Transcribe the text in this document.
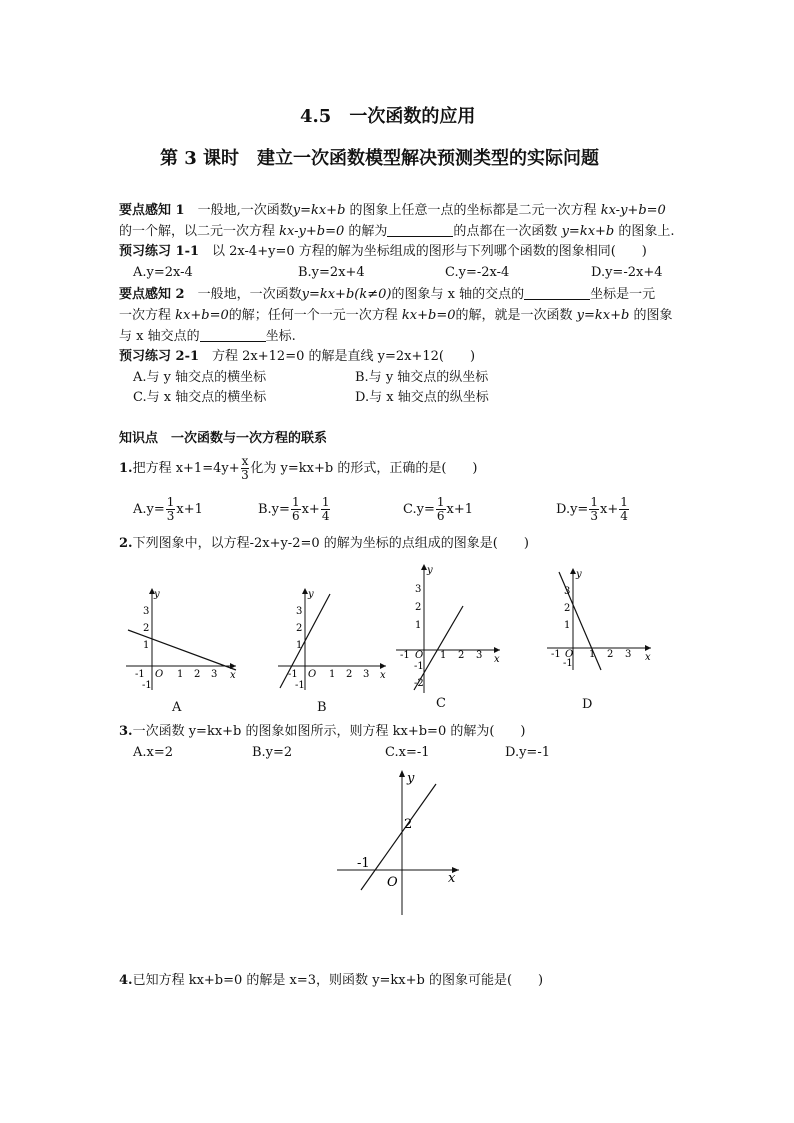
4.5　一次函数的应用
第 3 课时　建立一次函数模型解决预测类型的实际问题
要点感知 1　 一般地,一次函数y=kx+b 的图象上任意一点的坐标都是二元一次方程 kx-y+b=0
的一个解，以二元一次方程 kx-y+b=0 的解为	的点都在一次函数 y=kx+b 的图象上.
预习练习 1-1　 以 2x-4+y=0 方程的解为坐标组成的图形与下列哪个函数的图象相同(　　)
A.y=2x-4	B.y=2x+4	C.y=-2x-4	D.y=-2x+4
要点感知 2　 一般地，一次函数y=kx+b(k≠0)的图象与 x 轴的交点的	坐标是一元
一次方程 kx+b=0的解；任何一个一元一次方程 kx+b=0的解，就是一次函数 y=kx+b 的图象
与 x 轴交点的	坐标.
预习练习 2-1　 方程 2x+12=0 的解是直线 y=2x+12(　　)
A.与 y 轴交点的横坐标	B.与 y 轴交点的纵坐标
C.与 x 轴交点的横坐标	D.与 x 轴交点的纵坐标
知识点　一次函数与一次方程的联系
1.把方程 $x+1=4y+ \frac{x}{3}$ 化为 y=kx+b 的形式，正确的是(　　)
$A.y= \frac{1}{3} x+1$	$B.y= \frac{1}{6} x+ \frac{1}{4}$	$C.y= \frac{1}{6} x+1$	$D.y= \frac{1}{3} x+ \frac{1}{4}$
2.下列图象中，以方程-2x+y-2=0 的解为坐标的点组成的图象是(　　)
y
x
O
-1	1 2 3
3
2
1
-1
A
y
x
O
-1	1 2 3
3
2
1
-1
B
y
x
O
-1	1 2 3
3
2
1
-1
-2
C
y
x
O
-1	1 2 3
3
2
1
-1
D
3.一次函数 y=kx+b 的图象如图所示，则方程 kx+b=0 的解为(　　)
A.x=2	B.y=2	C.x=-1	D.y=-1
y
x
O
2
-1
4.已知方程 kx+b=0 的解是 x=3，则函数 y=kx+b 的图象可能是(　　)
